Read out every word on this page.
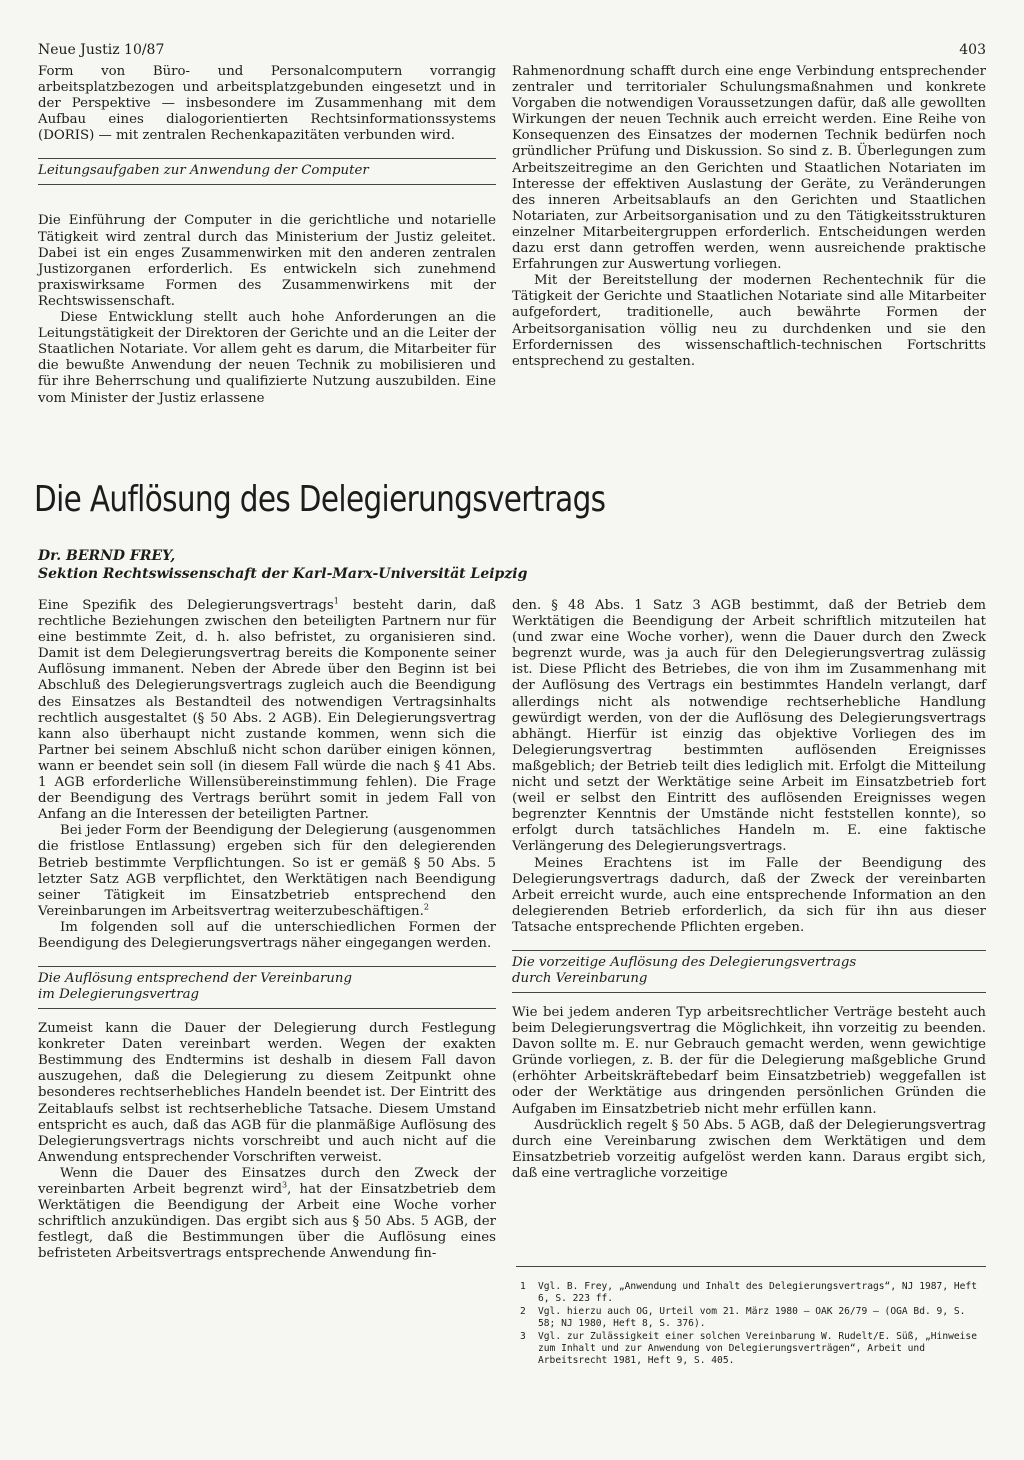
Neue Justiz 10/87	403

Form von Büro- und Personalcomputern vorrangig arbeitsplatzbezogen und arbeitsplatzgebunden eingesetzt und in der Perspektive — insbesondere im Zusammenhang mit dem Aufbau eines dialogorientierten Rechtsinformationssystems (DORIS) — mit zentralen Rechenkapazitäten verbunden wird.

Leitungsaufgaben zur Anwendung der Computer

Die Einführung der Computer in die gerichtliche und notarielle Tätigkeit wird zentral durch das Ministerium der Justiz geleitet. Dabei ist ein enges Zusammenwirken mit den anderen zentralen Justizorganen erforderlich. Es entwickeln sich zunehmend praxiswirksame Formen des Zusammenwirkens mit der Rechtswissenschaft.

Diese Entwicklung stellt auch hohe Anforderungen an die Leitungstätigkeit der Direktoren der Gerichte und an die Leiter der Staatlichen Notariate. Vor allem geht es darum, die Mitarbeiter für die bewußte Anwendung der neuen Technik zu mobilisieren und für ihre Beherrschung und qualifizierte Nutzung auszubilden. Eine vom Minister der Justiz erlassene

Rahmenordnung schafft durch eine enge Verbindung entsprechender zentraler und territorialer Schulungsmaßnahmen und konkrete Vorgaben die notwendigen Voraussetzungen dafür, daß alle gewollten Wirkungen der neuen Technik auch erreicht werden. Eine Reihe von Konsequenzen des Einsatzes der modernen Technik bedürfen noch gründlicher Prüfung und Diskussion. So sind z. B. Überlegungen zum Arbeitszeitregime an den Gerichten und Staatlichen Notariaten im Interesse der effektiven Auslastung der Geräte, zu Veränderungen des inneren Arbeitsablaufs an den Gerichten und Staatlichen Notariaten, zur Arbeitsorganisation und zu den Tätigkeitsstrukturen einzelner Mitarbeitergruppen erforderlich. Entscheidungen werden dazu erst dann getroffen werden, wenn ausreichende praktische Erfahrungen zur Auswertung vorliegen.

Mit der Bereitstellung der modernen Rechentechnik für die Tätigkeit der Gerichte und Staatlichen Notariate sind alle Mitarbeiter aufgefordert, traditionelle, auch bewährte Formen der Arbeitsorganisation völlig neu zu durchdenken und sie den Erfordernissen des wissenschaftlich-technischen Fortschritts entsprechend zu gestalten.

Die Auflösung des Delegierungsvertrags
Dr. BERND FREY,
Sektion Rechtswissenschaft der Karl-Marx-Universität Leipzig

Eine Spezifik des Delegierungsvertrags$^1$ besteht darin, daß rechtliche Beziehungen zwischen den beteiligten Partnern nur für eine bestimmte Zeit, d. h. also befristet, zu organisieren sind. Damit ist dem Delegierungsvertrag bereits die Komponente seiner Auflösung immanent. Neben der Abrede über den Beginn ist bei Abschluß des Delegierungsvertrags zugleich auch die Beendigung des Einsatzes als Bestandteil des notwendigen Vertragsinhalts rechtlich ausgestaltet (§ 50 Abs. 2 AGB). Ein Delegierungsvertrag kann also überhaupt nicht zustande kommen, wenn sich die Partner bei seinem Abschluß nicht schon darüber einigen können, wann er beendet sein soll (in diesem Fall würde die nach § 41 Abs. 1 AGB erforderliche Willensübereinstimmung fehlen). Die Frage der Beendigung des Vertrags berührt somit in jedem Fall von Anfang an die Interessen der beteiligten Partner.

Bei jeder Form der Beendigung der Delegierung (ausgenommen die fristlose Entlassung) ergeben sich für den delegierenden Betrieb bestimmte Verpflichtungen. So ist er gemäß § 50 Abs. 5 letzter Satz AGB verpflichtet, den Werktätigen nach Beendigung seiner Tätigkeit im Einsatzbetrieb entsprechend den Vereinbarungen im Arbeitsvertrag weiterzubeschäftigen.$^2$

Im folgenden soll auf die unterschiedlichen Formen der Beendigung des Delegierungsvertrags näher eingegangen werden.

Die Auflösung entsprechend der Vereinbarung
im Delegierungsvertrag

Zumeist kann die Dauer der Delegierung durch Festlegung konkreter Daten vereinbart werden. Wegen der exakten Bestimmung des Endtermins ist deshalb in diesem Fall davon auszugehen, daß die Delegierung zu diesem Zeitpunkt ohne besonderes rechtserhebliches Handeln beendet ist. Der Eintritt des Zeitablaufs selbst ist rechtserhebliche Tatsache. Diesem Umstand entspricht es auch, daß das AGB für die planmäßige Auflösung des Delegierungsvertrags nichts vorschreibt und auch nicht auf die Anwendung entsprechender Vorschriften verweist.

Wenn die Dauer des Einsatzes durch den Zweck der vereinbarten Arbeit begrenzt wird$^3$, hat der Einsatzbetrieb dem Werktätigen die Beendigung der Arbeit eine Woche vorher schriftlich anzukündigen. Das ergibt sich aus § 50 Abs. 5 AGB, der festlegt, daß die Bestimmungen über die Auflösung eines befristeten Arbeitsvertrags entsprechende Anwendung fin-

den. § 48 Abs. 1 Satz 3 AGB bestimmt, daß der Betrieb dem Werktätigen die Beendigung der Arbeit schriftlich mitzuteilen hat (und zwar eine Woche vorher), wenn die Dauer durch den Zweck begrenzt wurde, was ja auch für den Delegierungsvertrag zulässig ist. Diese Pflicht des Betriebes, die von ihm im Zusammenhang mit der Auflösung des Vertrags ein bestimmtes Handeln verlangt, darf allerdings nicht als notwendige rechtserhebliche Handlung gewürdigt werden, von der die Auflösung des Delegierungsvertrags abhängt. Hierfür ist einzig das objektive Vorliegen des im Delegierungsvertrag bestimmten auflösenden Ereignisses maßgeblich; der Betrieb teilt dies lediglich mit. Erfolgt die Mitteilung nicht und setzt der Werktätige seine Arbeit im Einsatzbetrieb fort (weil er selbst den Eintritt des auflösenden Ereignisses wegen begrenzter Kenntnis der Umstände nicht feststellen konnte), so erfolgt durch tatsächliches Handeln m. E. eine faktische Verlängerung des Delegierungsvertrags.

Meines Erachtens ist im Falle der Beendigung des Delegierungsvertrags dadurch, daß der Zweck der vereinbarten Arbeit erreicht wurde, auch eine entsprechende Information an den delegierenden Betrieb erforderlich, da sich für ihn aus dieser Tatsache entsprechende Pflichten ergeben.

Die vorzeitige Auflösung des Delegierungsvertrags
durch Vereinbarung

Wie bei jedem anderen Typ arbeitsrechtlicher Verträge besteht auch beim Delegierungsvertrag die Möglichkeit, ihn vorzeitig zu beenden. Davon sollte m. E. nur Gebrauch gemacht werden, wenn gewichtige Gründe vorliegen, z. B. der für die Delegierung maßgebliche Grund (erhöhter Arbeitskräftebedarf beim Einsatzbetrieb) weggefallen ist oder der Werktätige aus dringenden persönlichen Gründen die Aufgaben im Einsatzbetrieb nicht mehr erfüllen kann.

Ausdrücklich regelt § 50 Abs. 5 AGB, daß der Delegierungsvertrag durch eine Vereinbarung zwischen dem Werktätigen und dem Einsatzbetrieb vorzeitig aufgelöst werden kann. Daraus ergibt sich, daß eine vertragliche vorzeitige

1 Vgl. B. Frey, „Anwendung und Inhalt des Delegierungsvertrags“, NJ 1987, Heft 6, S. 223 ff.
2 Vgl. hierzu auch OG, Urteil vom 21. März 1980 — OAK 26/79 — (OGA Bd. 9, S. 58; NJ 1980, Heft 8, S. 376).
3 Vgl. zur Zulässigkeit einer solchen Vereinbarung W. Rudelt/E. Süß, „Hinweise zum Inhalt und zur Anwendung von Delegierungsverträgen“, Arbeit und Arbeitsrecht 1981, Heft 9, S. 405.
